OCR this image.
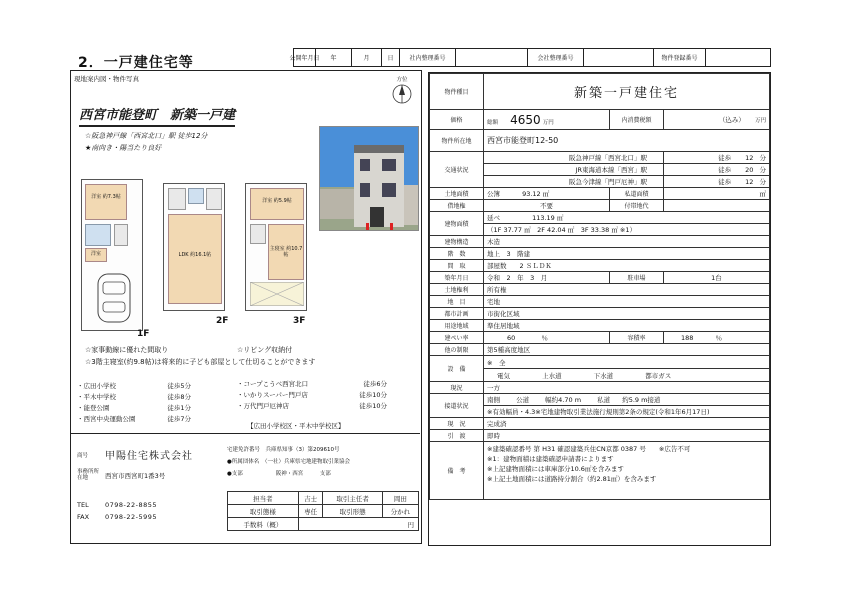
2．一戸建住宅等	公開年月日	年	月	日	社内整理番号	会社整理番号	物件登録番号
現地案内図・物件写真	方位
西宮市能登町　新築一戸建
☆阪急神戸線「西宮北口」駅 徒歩12分
★南向き・陽当たり良好
洋室 約7.3帖
洋室
1F
LDK 約16.1帖
2F
洋室 約5.9帖
主寝室 約10.7帖
3F
☆家事動線に優れた間取り	☆リビング収納付
☆3階主寝室(約9.8帖)は将来的に子ども部屋として仕切ることができます
・広田小学校	徒歩5分
・平木中学校	徒歩8分
・能登公園	徒歩1分
・西宮中央運動公園	徒歩7分
・コープこうべ西宮北口	徒歩6分
・いかりスーパー門戸店	徒歩10分
・万代門戸厄神店	徒歩10分
【広田小学校区・平木中学校区】
商号 甲陽住宅株式会社
事務所所在地	西宮市西宮町1番3号
TEL	0798-22-8855
FAX 0798-22-5995
宅建免許番号　兵庫県知事（3）第209610号
●所属団体名　（一社）兵庫県宅地建物取引業協会
●支部　　　　　　阪神・西宮　　　支部
担当者	吉士	取引主任者	岡田
取引態様	専任	取引形態	分かれ
手数料（概）	円		
物件種目	新築一戸建住宅		
価格	総額 4650 万円	内消費税額	（込み） 万円
物件所在地	西宮市能登町12-50		
交通状況	阪急神戸線「西宮北口」駅		徒歩 12 分
	JR東海道本線「西宮」駅		徒歩 20 分
	阪急今津線「門戸厄神」駅		徒歩 12 分
土地面積	公簿 93.12 ㎡	私道面積	㎡
借地権	不要	付帯地代	
建物面積	延べ 113.19 ㎡		
	（1F 37.77 ㎡　2F 42.04 ㎡　3F 33.38 ㎡ ※1）		
建物構造	木造		
階　数	地上　3　階建		
間　取	部屋数　　2 ＳＬＤＫ		
築年月日	令和　2　年　3　月	駐車場	1台
土地権利	所有権		
地　目	宅地		
都市計画	市街化区域		
用途地域	準住居地域		
建ぺい率	60 ％	容積率	188 ％
他の制限	第5種高度地区		
設　備	※　全		
	電気 上水道 下水道 都市ガス		
現況	一方		
接道状況	南側 公道 幅約4.70 m 私道 約5.9 m接道		
	※有効幅員・4.3※宅地建物取引業法施行規則第2条の規定(令和1年6月17日)		
現　況	完成済		
引　渡	即時		
備　考	※建築確認番号 第 H31 確認建築兵住CN京都 0387 号　　※広告不可
※1：建物面積は建築確認申請書によります
※上記建物面積には車庫部分10.6㎡を含みます
※上記土地面積には道路持分割合（約2.81㎡）を含みます		
